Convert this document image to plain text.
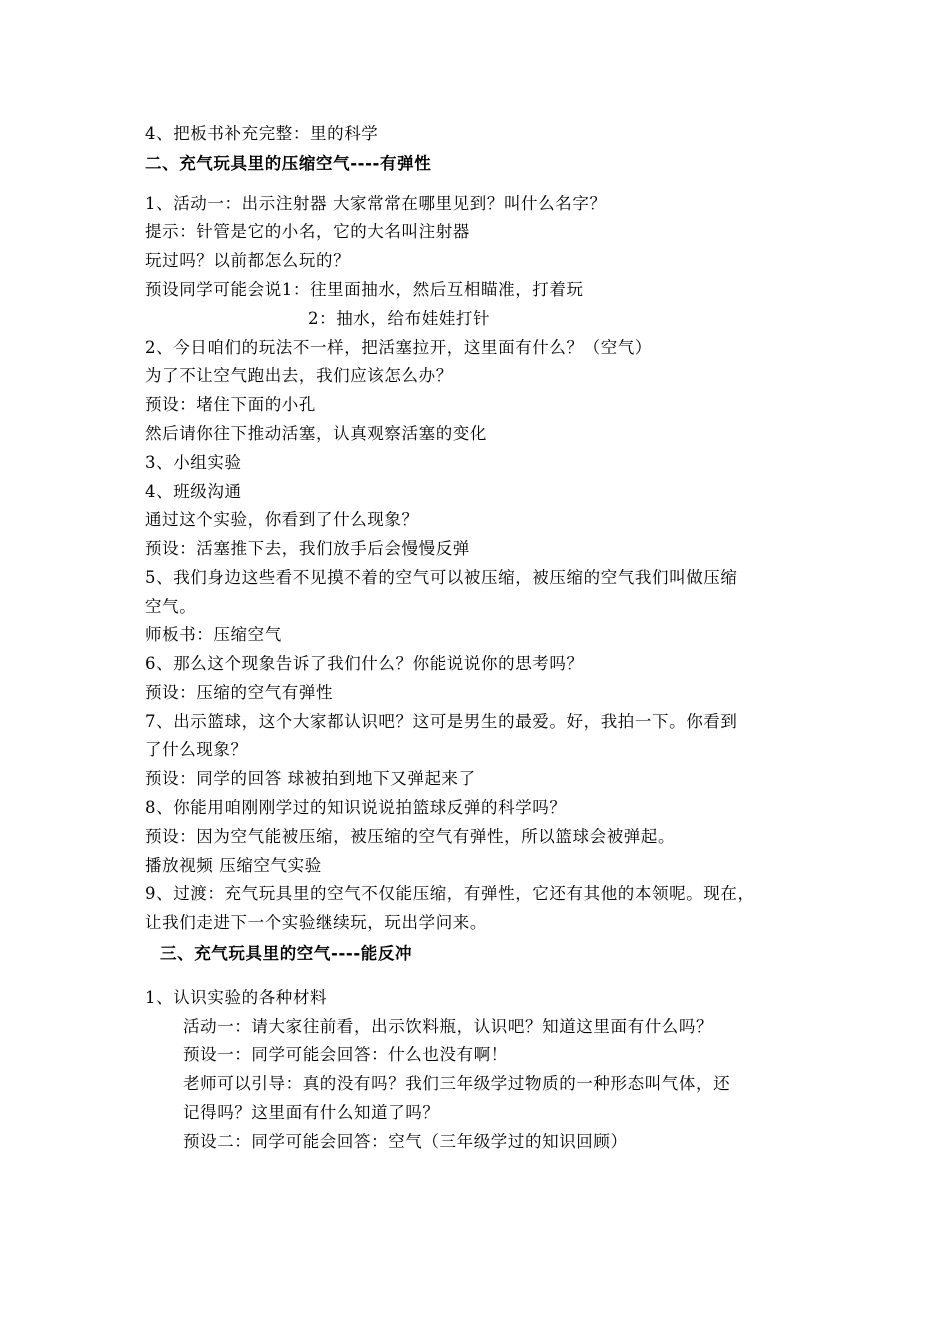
4、把板书补充完整：里的科学
二、充气玩具里的压缩空气----有弹性
1、活动一：出示注射器 大家常常在哪里见到？叫什么名字？
提示：针管是它的小名，它的大名叫注射器
玩过吗？以前都怎么玩的？
预设同学可能会说1：往里面抽水，然后互相瞄准，打着玩
2：抽水，给布娃娃打针
2、今日咱们的玩法不一样，把活塞拉开，这里面有什么？（空气）
为了不让空气跑出去，我们应该怎么办？
预设：堵住下面的小孔
然后请你往下推动活塞，认真观察活塞的变化
3、小组实验
4、班级沟通
通过这个实验，你看到了什么现象？
预设：活塞推下去，我们放手后会慢慢反弹
5、我们身边这些看不见摸不着的空气可以被压缩，被压缩的空气我们叫做压缩
空气。
师板书：压缩空气
6、那么这个现象告诉了我们什么？你能说说你的思考吗？
预设：压缩的空气有弹性
7、出示篮球，这个大家都认识吧？这可是男生的最爱。好，我拍一下。你看到
了什么现象？
预设：同学的回答 球被拍到地下又弹起来了
8、你能用咱刚刚学过的知识说说拍篮球反弹的科学吗？
预设：因为空气能被压缩，被压缩的空气有弹性，所以篮球会被弹起。
播放视频 压缩空气实验
9、过渡：充气玩具里的空气不仅能压缩，有弹性，它还有其他的本领呢。现在，
让我们走进下一个实验继续玩，玩出学问来。
三、充气玩具里的空气----能反冲
1、认识实验的各种材料
活动一：请大家往前看，出示饮料瓶，认识吧？知道这里面有什么吗？
预设一：同学可能会回答：什么也没有啊！
老师可以引导：真的没有吗？我们三年级学过物质的一种形态叫气体，还
记得吗？这里面有什么知道了吗？
预设二：同学可能会回答：空气（三年级学过的知识回顾）
